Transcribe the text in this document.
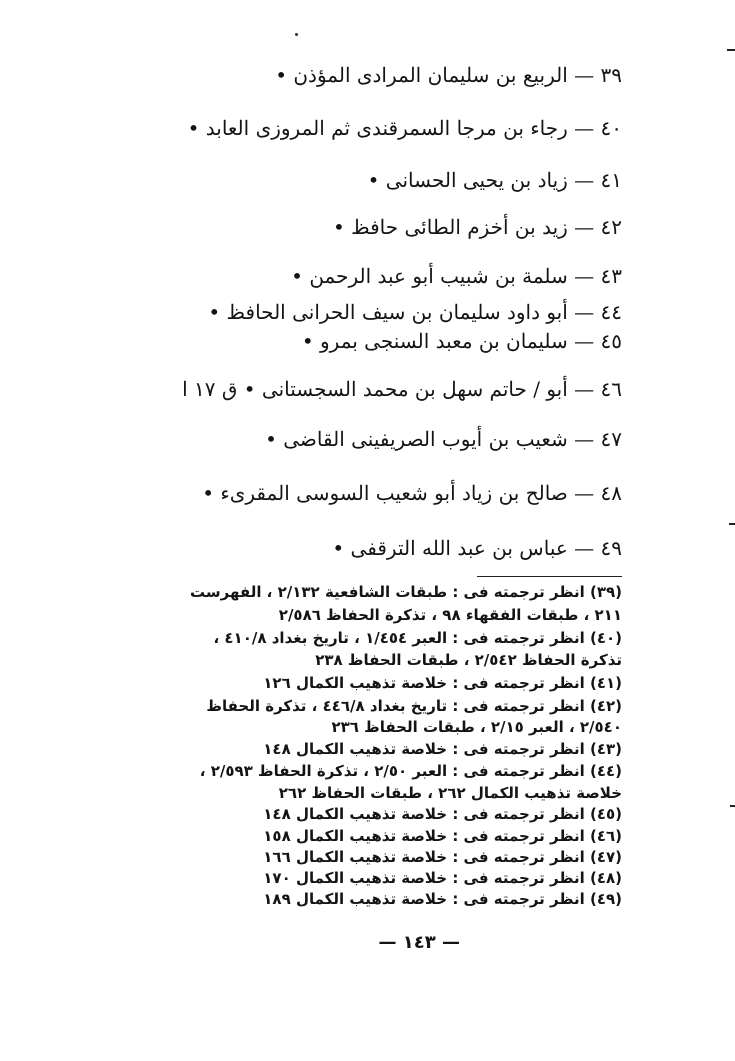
٣٩ — الربيع بن سليمان المرادى المؤذن •
٤٠ — رجاء بن مرجا السمرقندى ثم المروزى العابد •
٤١ — زياد بن يحيى الحسانى •
٤٢ — زيد بن أخزم الطائى حافظ •
٤٣ — سلمة بن شبيب أبو عبد الرحمن •
٤٤ — أبو داود سليمان بن سيف الحرانى الحافظ •
٤٥ — سليمان بن معبد السنجى بمرو •
٤٦ — أبو / حاتم سهل بن محمد السجستانى • ق ١٧ ا
٤٧ — شعيب بن أيوب الصريفينى القاضى •
٤٨ — صالح بن زياد أبو شعيب السوسى المقرىء •
٤٩ — عباس بن عبد الله الترقفى •
(٣٩) انظر ترجمته فى : طبقات الشافعية ٢/١٣٢ ، الفهرست
٢١١ ، طبقات الفقهاء ٩٨ ، تذكرة الحفاظ ٢/٥٨٦
(٤٠) انظر ترجمته فى : العبر ١/٤٥٤ ، تاريخ بغداد ٤١٠/٨ ،
تذكرة الحفاظ ٢/٥٤٢ ، طبقات الحفاظ ٢٣٨
(٤١) انظر ترجمته فى : خلاصة تذهيب الكمال ١٢٦
(٤٢) انظر ترجمته فى : تاريخ بغداد ٤٤٦/٨ ، تذكرة الحفاظ
٢/٥٤٠ ، العبر ٢/١٥ ، طبقات الحفاظ ٢٣٦
(٤٣) انظر ترجمته فى : خلاصة تذهيب الكمال ١٤٨
(٤٤) انظر ترجمته فى : العبر ٢/٥٠ ، تذكرة الحفاظ ٢/٥٩٣ ،
خلاصة تذهيب الكمال ٢٦٢ ، طبقات الحفاظ ٢٦٢
(٤٥) انظر ترجمته فى : خلاصة تذهيب الكمال ١٤٨
(٤٦) انظر ترجمته فى : خلاصة تذهيب الكمال ١٥٨
(٤٧) انظر ترجمته فى : خلاصة تذهيب الكمال ١٦٦
(٤٨) انظر ترجمته فى : خلاصة تذهيب الكمال ١٧٠
(٤٩) انظر ترجمته فى : خلاصة تذهيب الكمال ١٨٩
— ١٤٣ —
